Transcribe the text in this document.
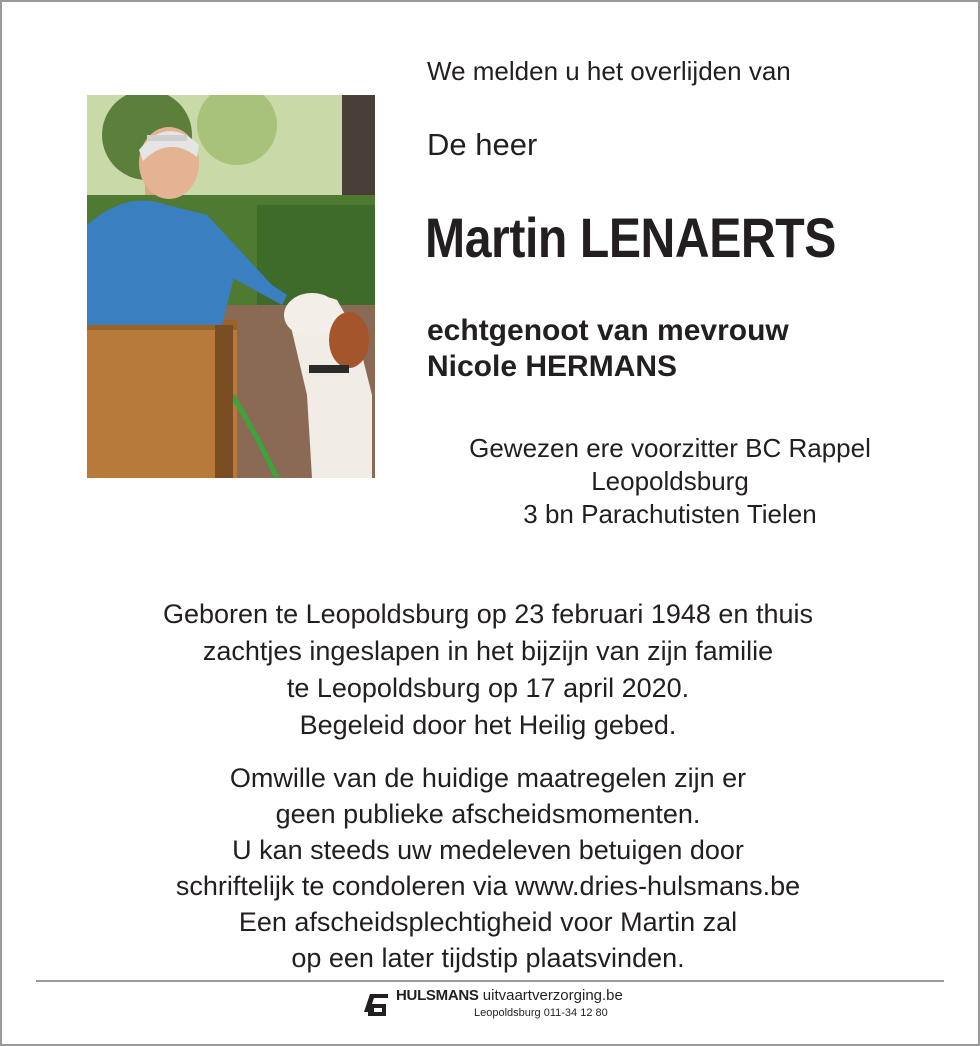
We melden u het overlijden van
De heer
Martin LENAERTS
echtgenoot van mevrouw
Nicole HERMANS
Gewezen ere voorzitter BC Rappel
Leopoldsburg
3 bn Parachutisten Tielen
Geboren te Leopoldsburg op 23 februari 1948 en thuis
zachtjes ingeslapen in het bijzijn van zijn familie
te Leopoldsburg op 17 april 2020.
Begeleid door het Heilig gebed.
Omwille van de huidige maatregelen zijn er
geen publieke afscheidsmomenten.
U kan steeds uw medeleven betuigen door
schriftelijk te condoleren via www.dries-hulsmans.be
Een afscheidsplechtigheid voor Martin zal
op een later tijdstip plaatsvinden.
HULSMANS uitvaartverzorging.be
Leopoldsburg 011-34 12 80
